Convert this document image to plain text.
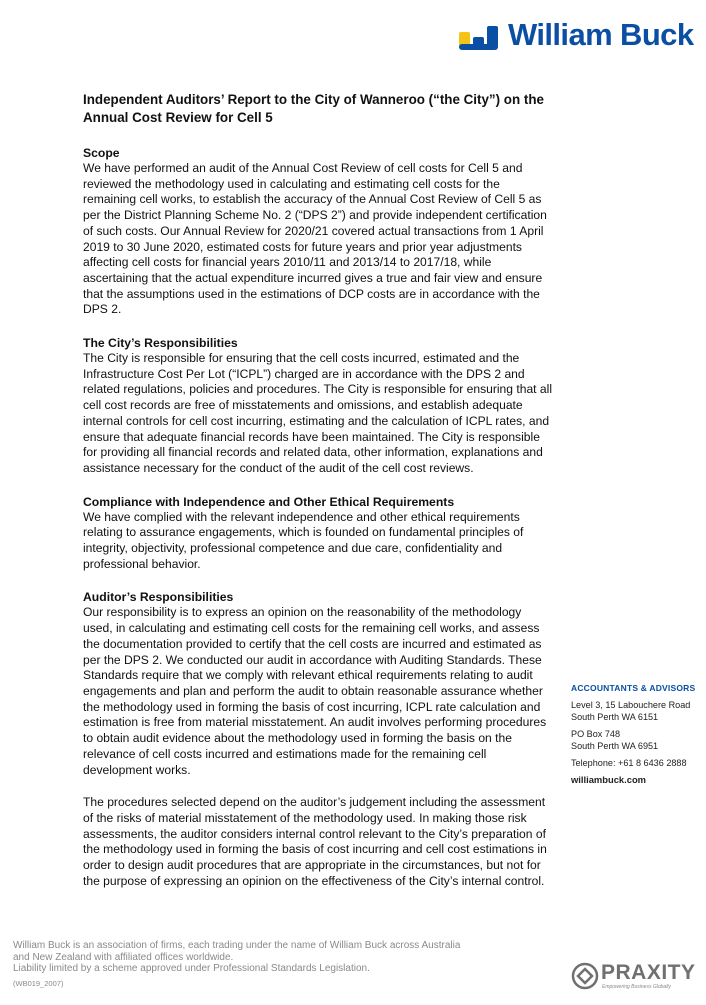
William Buck
Independent Auditors’ Report to the City of Wanneroo (“the City”) on the Annual Cost Review for Cell 5
Scope

We have performed an audit of the Annual Cost Review of cell costs for Cell 5 and reviewed the methodology used in calculating and estimating cell costs for the remaining cell works, to establish the accuracy of the Annual Cost Review of Cell 5 as per the District Planning Scheme No. 2 (“DPS 2”) and provide independent certification of such costs. Our Annual Review for 2020/21 covered actual transactions from 1 April 2019 to 30 June 2020, estimated costs for future years and prior year adjustments affecting cell costs for financial years 2010/11 and 2013/14 to 2017/18, while ascertaining that the actual expenditure incurred gives a true and fair view and ensure that the assumptions used in the estimations of DCP costs are in accordance with the DPS 2.

The City’s Responsibilities

The City is responsible for ensuring that the cell costs incurred, estimated and the Infrastructure Cost Per Lot (“ICPL”) charged are in accordance with the DPS 2 and related regulations, policies and procedures. The City is responsible for ensuring that all cell cost records are free of misstatements and omissions, and establish adequate internal controls for cell cost incurring, estimating and the calculation of ICPL rates, and ensure that adequate financial records have been maintained. The City is responsible for providing all financial records and related data, other information, explanations and assistance necessary for the conduct of the audit of the cell cost reviews.

Compliance with Independence and Other Ethical Requirements

We have complied with the relevant independence and other ethical requirements relating to assurance engagements, which is founded on fundamental principles of integrity, objectivity, professional competence and due care, confidentiality and professional behavior.

Auditor’s Responsibilities

Our responsibility is to express an opinion on the reasonability of the methodology used, in calculating and estimating cell costs for the remaining cell works, and assess the documentation provided to certify that the cell costs are incurred and estimated as per the DPS 2. We conducted our audit in accordance with Auditing Standards. These Standards require that we comply with relevant ethical requirements relating to audit engagements and plan and perform the audit to obtain reasonable assurance whether the methodology used in forming the basis of cost incurring, ICPL rate calculation and estimation is free from material misstatement. An audit involves performing procedures to obtain audit evidence about the methodology used in forming the basis on the relevance of cell costs incurred and estimations made for the remaining cell development works.

The procedures selected depend on the auditor’s judgement including the assessment of the risks of material misstatement of the methodology used. In making those risk assessments, the auditor considers internal control relevant to the City’s preparation of the methodology used in forming the basis of cost incurring and cell cost estimations in order to design audit procedures that are appropriate in the circumstances, but not for the purpose of expressing an opinion on the effectiveness of the City’s internal control.

ACCOUNTANTS & ADVISORS
Level 3, 15 Labouchere Road
South Perth WA 6151
PO Box 748
South Perth WA 6951
Telephone: +61 8 6436 2888
williambuck.com
William Buck is an association of firms, each trading under the name of William Buck across Australia
and New Zealand with affiliated offices worldwide.
Liability limited by a scheme approved under Professional Standards Legislation.
(WB019_2007)	PRAXITY
Empowering Business Globally
